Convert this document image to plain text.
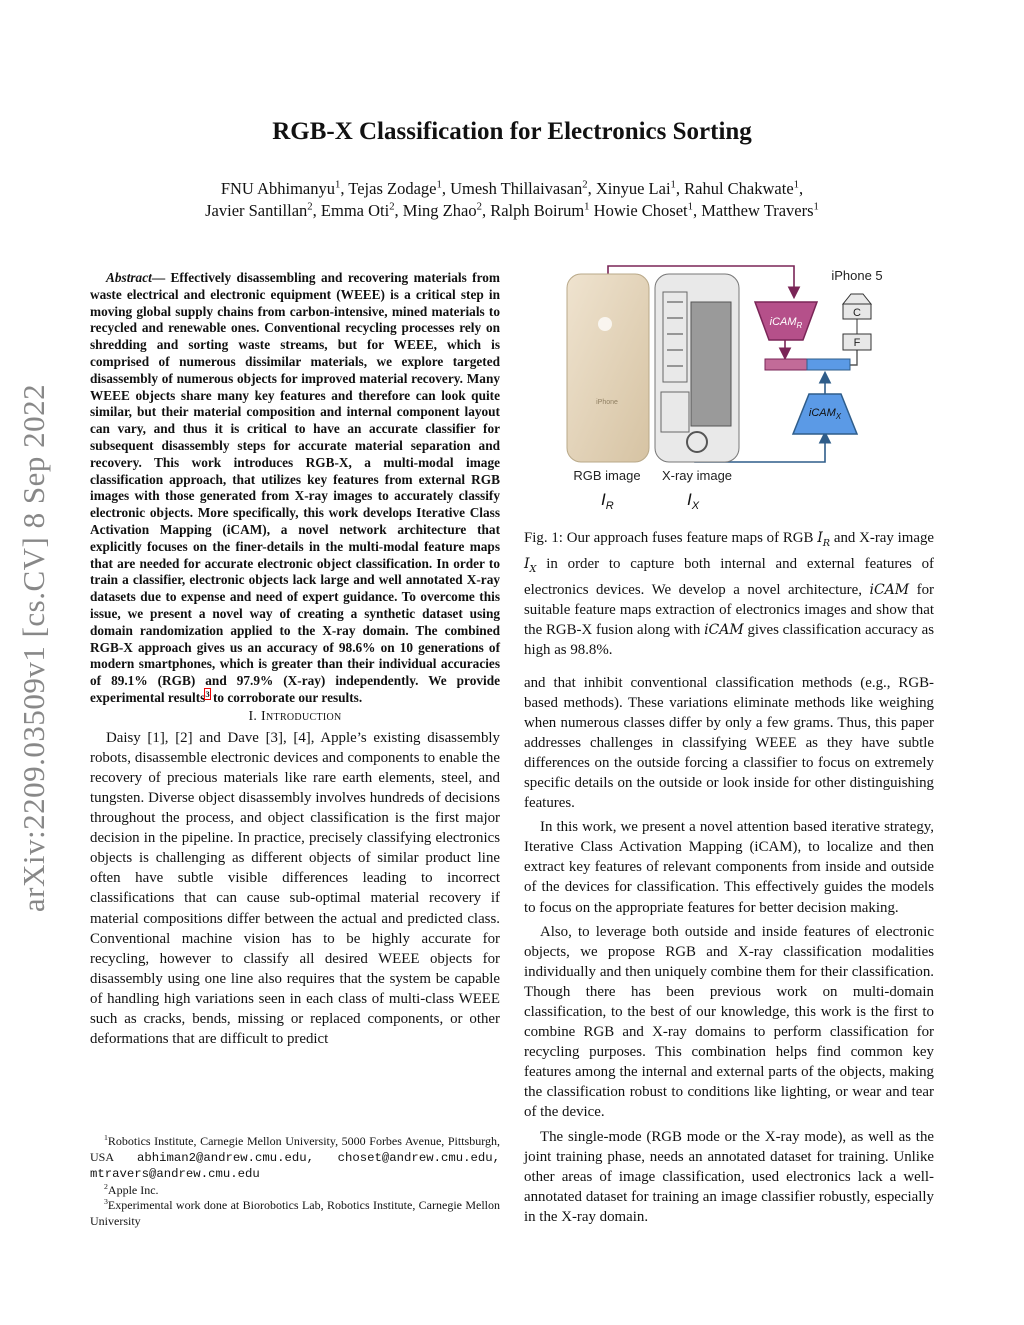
arXiv:2209.03509v1 [cs.CV] 8 Sep 2022
RGB-X Classification for Electronics Sorting
FNU Abhimanyu$^1$, Tejas Zodage$^1$, Umesh Thillaivasan$^2$, Xinyue Lai$^1$, Rahul Chakwate$^1$,
Javier Santillan$^2$, Emma Oti$^2$, Ming Zhao$^2$, Ralph Boirum$^1$ Howie Choset$^1$, Matthew Travers$^1$

Abstract— Effectively disassembling and recovering materials from waste electrical and electronic equipment (WEEE) is a critical step in moving global supply chains from carbon-intensive, mined materials to recycled and renewable ones. Conventional recycling processes rely on shredding and sorting waste streams, but for WEEE, which is comprised of numerous dissimilar materials, we explore targeted disassembly of numerous objects for improved material recovery. Many WEEE objects share many key features and therefore can look quite similar, but their material composition and internal component layout can vary, and thus it is critical to have an accurate classifier for subsequent disassembly steps for accurate material separation and recovery. This work introduces RGB-X, a multi-modal image classification approach, that utilizes key features from external RGB images with those generated from X-ray images to accurately classify electronic objects. More specifically, this work develops Iterative Class Activation Mapping (iCAM), a novel network architecture that explicitly focuses on the finer-details in the multi-modal feature maps that are needed for accurate electronic object classification. In order to train a classifier, electronic objects lack large and well annotated X-ray datasets due to expense and need of expert guidance. To overcome this issue, we present a novel way of creating a synthetic dataset using domain randomization applied to the X-ray domain. The combined RGB-X approach gives us an accuracy of 98.6% on 10 generations of modern smartphones, which is greater than their individual accuracies of 89.1% (RGB) and 97.9% (X-ray) independently. We provide experimental results$^3$ to corroborate our results.

I. Introduction

Daisy [1], [2] and Dave [3], [4], Apple’s existing disassembly robots, disassemble electronic devices and components to enable the recovery of precious materials like rare earth elements, steel, and tungsten. Diverse object disassembly involves hundreds of decisions throughout the process, and object classification is the first major decision in the pipeline. In practice, precisely classifying electronics objects is challenging as different objects of similar product line often have subtle visible differences leading to incorrect classifications that can cause sub-optimal material recovery if material compositions differ between the actual and predicted class. Conventional machine vision has to be highly accurate for recycling, however to classify all desired WEEE objects for disassembly using one line also requires that the system be capable of handling high variations seen in each class of multi-class WEEE such as cracks, bends, missing or replaced components, or other deformations that are difficult to predict

$^1$Robotics Institute, Carnegie Mellon University, 5000 Forbes Avenue, Pittsburgh, USA abhiman2@andrew.cmu.edu, choset@andrew.cmu.edu, mtravers@andrew.cmu.edu

$^2$Apple Inc.

$^3$Experimental work done at Biorobotics Lab, Robotics Institute, Carnegie Mellon University

iPhone
RGB image X-ray image
$I_R$	$I_X$
iCAM$_R$
iCAM$_X$
iPhone 5
C
F

Fig. 1: Our approach fuses feature maps of RGB $I_R$ and X-ray image $I_X$ in order to capture both internal and external features of electronics devices. We develop a novel architecture, iCAM for suitable feature maps extraction of electronics images and show that the RGB-X fusion along with iCAM gives classification accuracy as high as 98.8%.

and that inhibit conventional classification methods (e.g., RGB-based methods). These variations eliminate methods like weighing when numerous classes differ by only a few grams. Thus, this paper addresses challenges in classifying WEEE as they have subtle differences on the outside forcing a classifier to focus on extremely specific details on the outside or look inside for other distinguishing features.

In this work, we present a novel attention based iterative strategy, Iterative Class Activation Mapping (iCAM), to localize and then extract key features of relevant components from inside and outside of the devices for classification. This effectively guides the models to focus on the appropriate features for better decision making.

Also, to leverage both outside and inside features of electronic objects, we propose RGB and X-ray classification modalities individually and then uniquely combine them for their classification. Though there has been previous work on multi-domain classification, to the best of our knowledge, this work is the first to combine RGB and X-ray domains to perform classification for recycling purposes. This combination helps find common key features among the internal and external parts of the objects, making the classification robust to conditions like lighting, or wear and tear of the device.

The single-mode (RGB mode or the X-ray mode), as well as the joint training phase, needs an annotated dataset for training. Unlike other areas of image classification, used electronics lack a well-annotated dataset for training an image classifier robustly, especially in the X-ray domain.
